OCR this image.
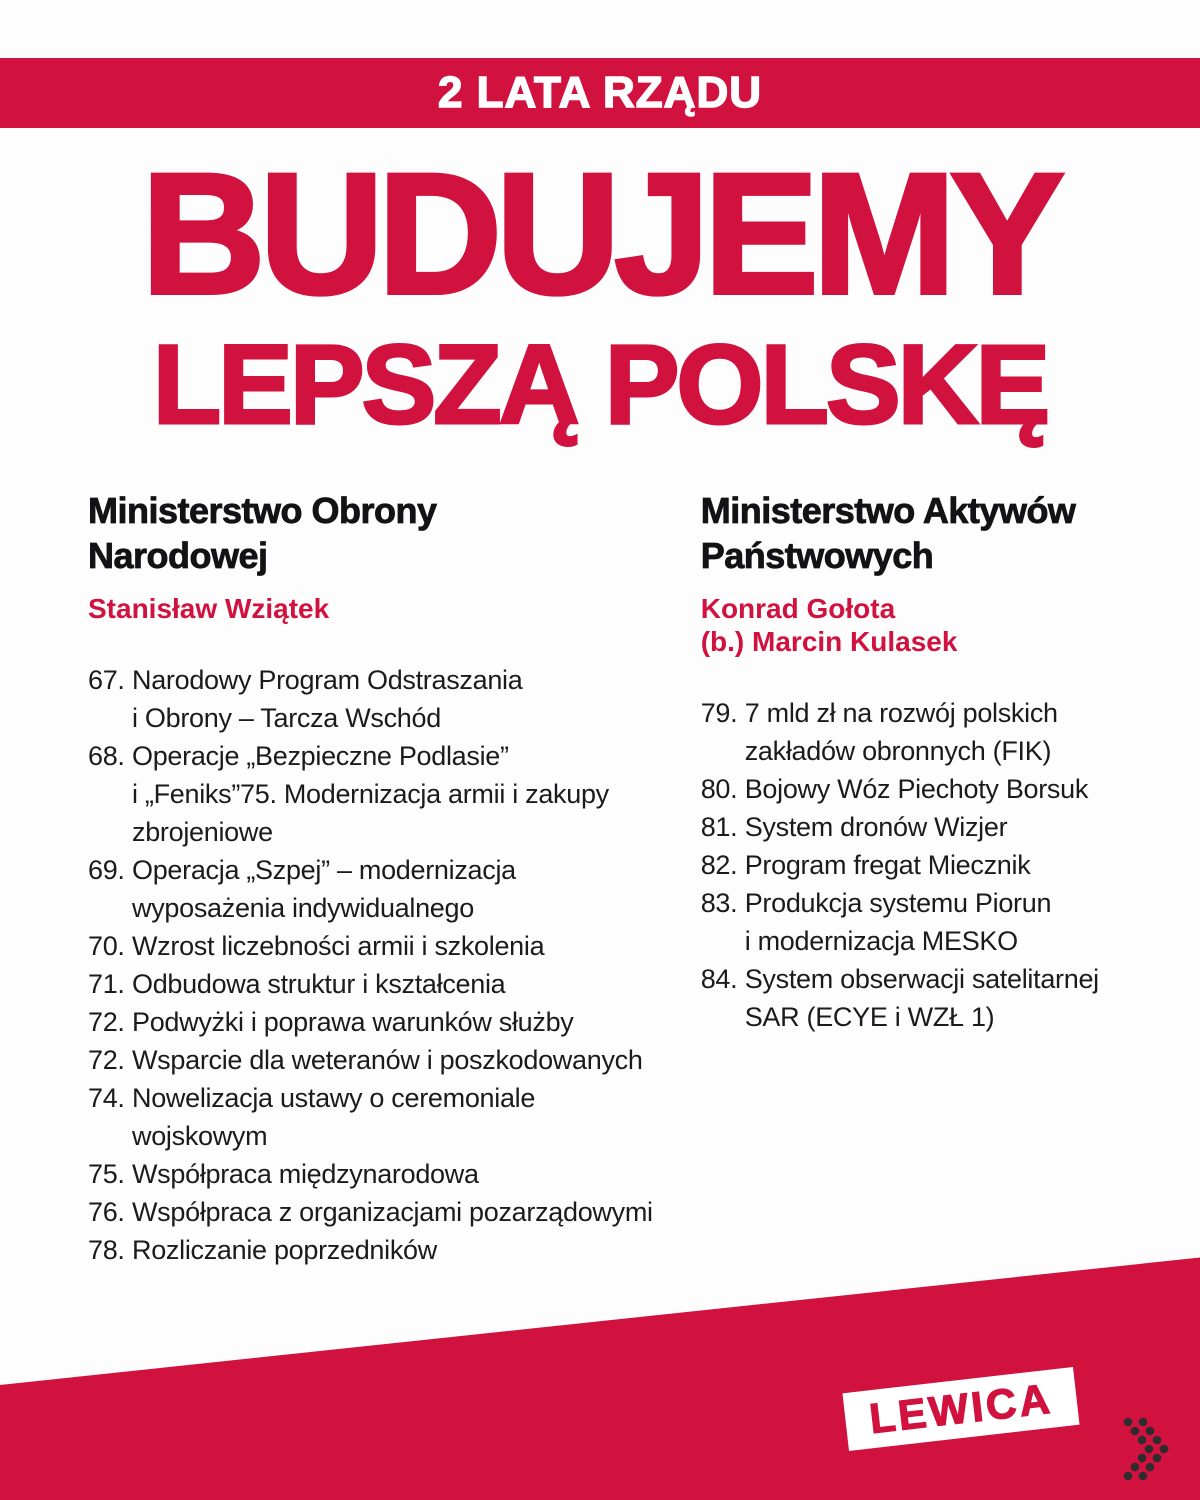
2 LATA RZĄDU
BUDUJEMY
LEPSZĄ POLSKĘ
Ministerstwo Obrony
Narodowej
Stanisław Wziątek
67. Narodowy Program Odstraszania
i Obrony – Tarcza Wschód
68. Operacje „Bezpieczne Podlasie”
i „Feniks”75. Modernizacja armii i zakupy
zbrojeniowe
69. Operacja „Szpej” – modernizacja
wyposażenia indywidualnego
70. Wzrost liczebności armii i szkolenia
71. Odbudowa struktur i kształcenia
72. Podwyżki i poprawa warunków służby
72. Wsparcie dla weteranów i poszkodowanych
74. Nowelizacja ustawy o ceremoniale
wojskowym
75. Współpraca międzynarodowa
76. Współpraca z organizacjami pozarządowymi
78. Rozliczanie poprzedników
Ministerstwo Aktywów
Państwowych
Konrad Gołota
(b.) Marcin Kulasek
79. 7 mld zł na rozwój polskich
zakładów obronnych (FIK)
80. Bojowy Wóz Piechoty Borsuk
81. System dronów Wizjer
82. Program fregat Miecznik
83. Produkcja systemu Piorun
i modernizacja MESKO
84. System obserwacji satelitarnej
SAR (ECYE i WZŁ 1)
LEWICA
